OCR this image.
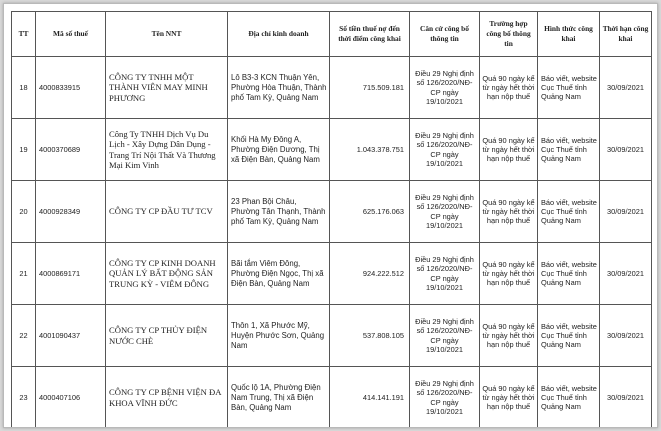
TT	Mã số thuế	Tên NNT	Địa chỉ kinh doanh	Số tiền thuế nợ đến thời điểm công khai	Căn cứ công bố thông tin	Trường hợp công bố thông tin	Hình thức công khai	Thời hạn công khai
18	4000833915	CÔNG TY TNHH MỘT THÀNH VIÊN MAY MINH PHƯƠNG	Lô B3-3 KCN Thuận Yên, Phường Hòa Thuận, Thành phố Tam Kỳ, Quảng Nam	715.509.181	Điều 29 Nghị định số 126/2020/NĐ-CP ngày 19/10/2021	Quá 90 ngày kể từ ngày hết thời hạn nộp thuế	Báo viết, website Cục Thuế tỉnh Quảng Nam	30/09/2021
19	4000370689	Công Ty TNHH Dịch Vụ Du Lịch - Xây Dựng Dân Dụng - Trang Trí Nội Thất Và Thương Mại Kim Vinh	Khối Hà My Đông A, Phường Điện Dương, Thị xã Điện Bàn, Quảng Nam	1.043.378.751	Điều 29 Nghị định số 126/2020/NĐ-CP ngày 19/10/2021	Quá 90 ngày kể từ ngày hết thời hạn nộp thuế	Báo viết, website Cục Thuế tỉnh Quảng Nam	30/09/2021
20	4000928349	CÔNG TY CP ĐẦU TƯ TCV	23 Phan Bội Châu, Phường Tân Thạnh, Thành phố Tam Kỳ, Quảng Nam	625.176.063	Điều 29 Nghị định số 126/2020/NĐ-CP ngày 19/10/2021	Quá 90 ngày kể từ ngày hết thời hạn nộp thuế	Báo viết, website Cục Thuế tỉnh Quảng Nam	30/09/2021
21	4000869171	CÔNG TY CP KINH DOANH QUẢN LÝ BẤT ĐỘNG SẢN TRUNG KỲ - VIÊM ĐÔNG	Bãi tắm Viêm Đông, Phường Điện Ngọc, Thị xã Điện Bàn, Quảng Nam	924.222.512	Điều 29 Nghị định số 126/2020/NĐ-CP ngày 19/10/2021	Quá 90 ngày kể từ ngày hết thời hạn nộp thuế	Báo viết, website Cục Thuế tỉnh Quảng Nam	30/09/2021
22	4001090437	CÔNG TY CP THỦY ĐIỆN NƯỚC CHÈ	Thôn 1, Xã Phước Mỹ, Huyện Phước Sơn, Quảng Nam	537.808.105	Điều 29 Nghị định số 126/2020/NĐ-CP ngày 19/10/2021	Quá 90 ngày kể từ ngày hết thời hạn nộp thuế	Báo viết, website Cục Thuế tỉnh Quảng Nam	30/09/2021
23	4000407106	CÔNG TY CP BỆNH VIỆN ĐA KHOA VĨNH ĐỨC	Quốc lộ 1A, Phường Điện Nam Trung, Thị xã Điện Bàn, Quảng Nam	414.141.191	Điều 29 Nghị định số 126/2020/NĐ-CP ngày 19/10/2021	Quá 90 ngày kể từ ngày hết thời hạn nộp thuế	Báo viết, website Cục Thuế tỉnh Quảng Nam	30/09/2021
